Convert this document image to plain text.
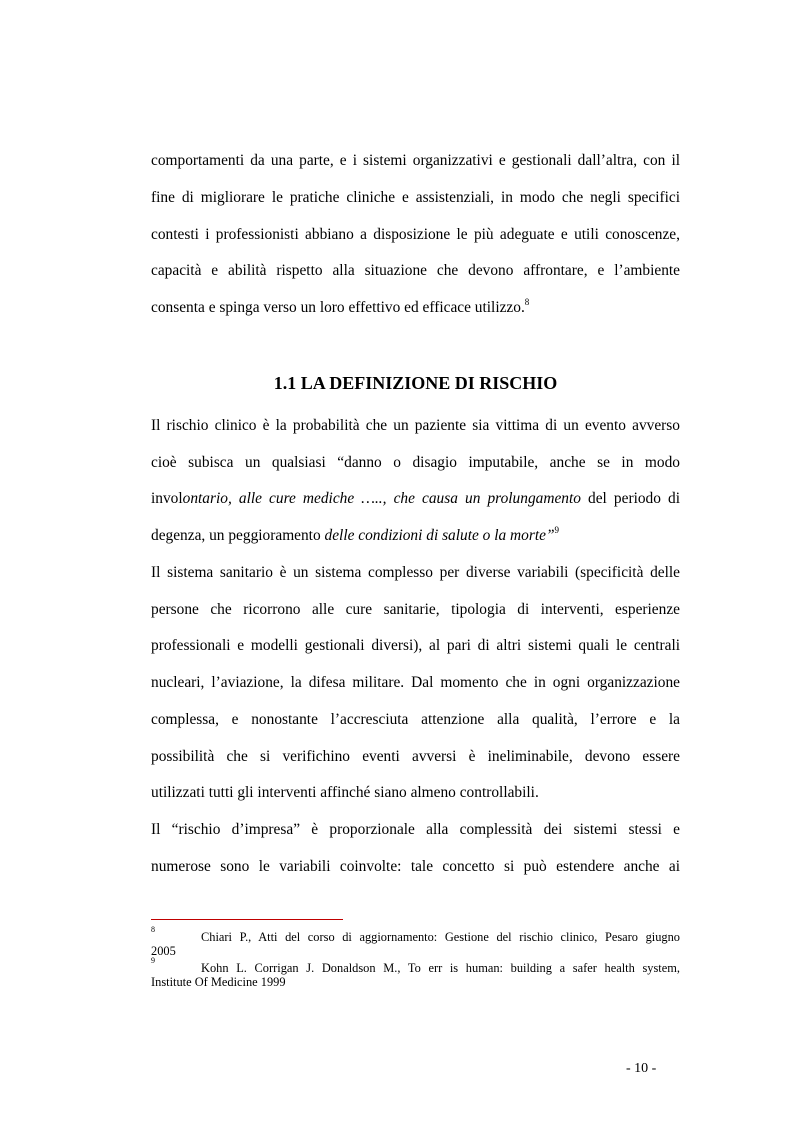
comportamenti da una parte, e i sistemi organizzativi e gestionali dall’altra, con il
fine di migliorare le pratiche cliniche e assistenziali, in modo che negli specifici
contesti i professionisti abbiano a disposizione le più adeguate e utili conoscenze,
capacità e abilità rispetto alla situazione che devono affrontare, e l’ambiente
consenta e spinga verso un loro effettivo ed efficace utilizzo.$^8$
1.1 LA DEFINIZIONE DI RISCHIO
Il rischio clinico è la probabilità che un paziente sia vittima di un evento avverso
cioè subisca un qualsiasi “danno o disagio imputabile, anche se in modo
involontario, alle cure mediche ….., che causa un prolungamento del periodo di
degenza, un peggioramento delle condizioni di salute o la morte”$^9$
Il sistema sanitario è un sistema complesso per diverse variabili (specificità delle
persone che ricorrono alle cure sanitarie, tipologia di interventi, esperienze
professionali e modelli gestionali diversi), al pari di altri sistemi quali le centrali
nucleari, l’aviazione, la difesa militare. Dal momento che in ogni organizzazione
complessa, e nonostante l’accresciuta attenzione alla qualità, l’errore e la
possibilità che si verifichino eventi avversi è ineliminabile, devono essere
utilizzati tutti gli interventi affinché siano almeno controllabili.
Il “rischio d’impresa” è proporzionale alla complessità dei sistemi stessi e
numerose sono le variabili coinvolte: tale concetto si può estendere anche ai
8
Chiari P., Atti del corso di aggiornamento: Gestione del rischio clinico, Pesaro giugno
2005
9
Kohn L. Corrigan J. Donaldson M., To err is human: building a safer health system,
Institute Of Medicine 1999
- 10 -
